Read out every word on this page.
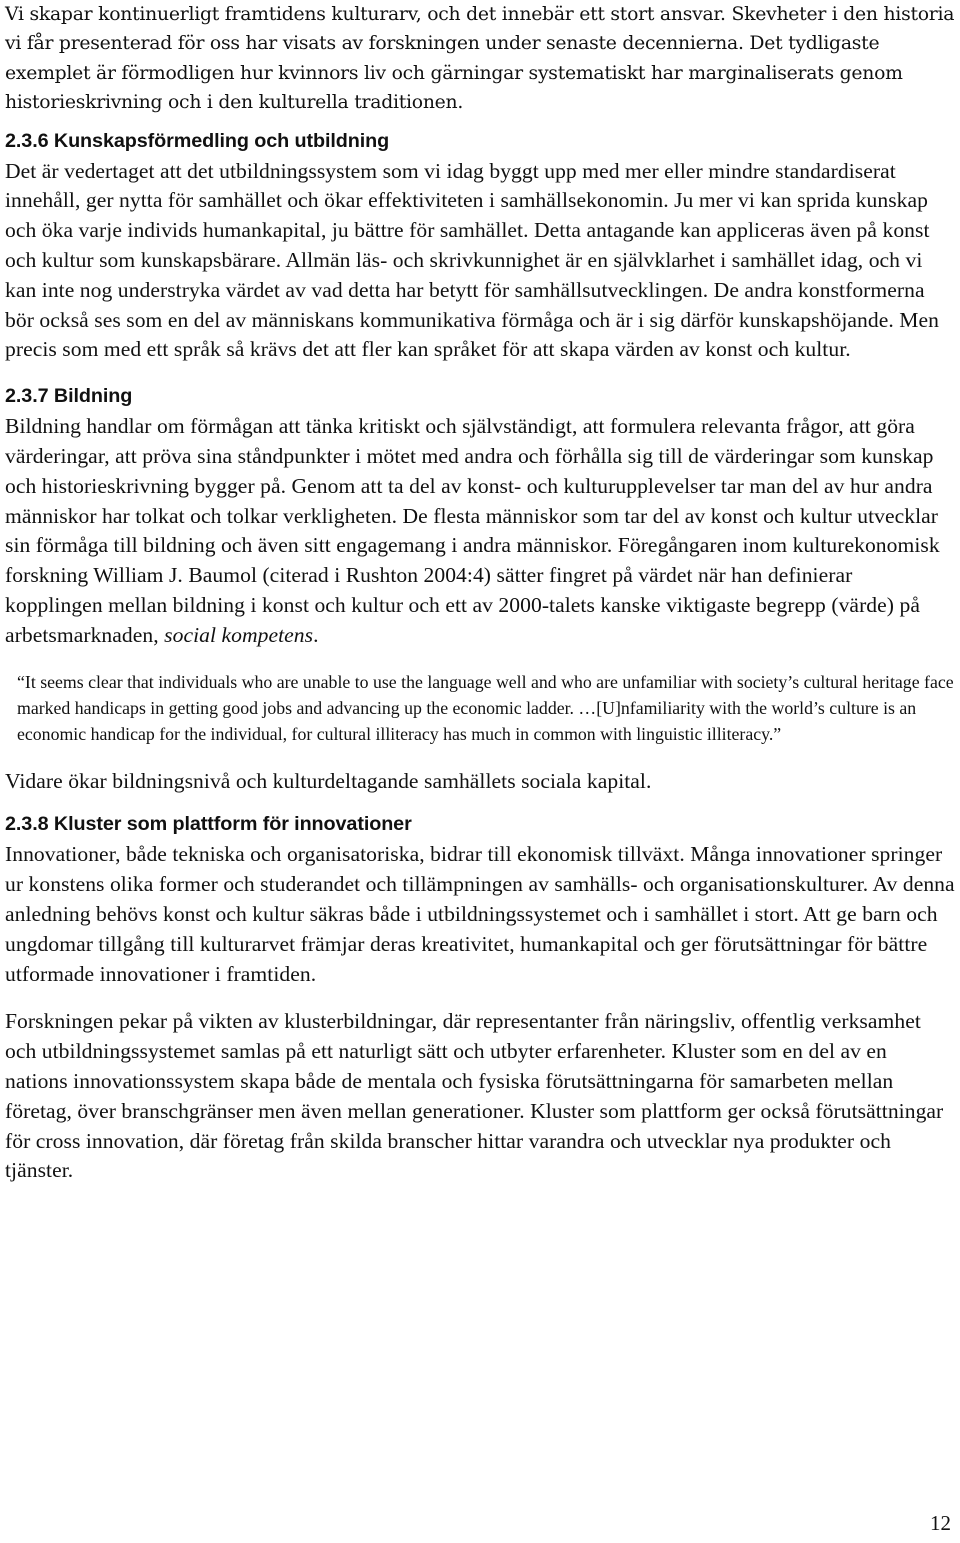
Vi skapar kontinuerligt framtidens kulturarv, och det innebär ett stort ansvar. Skevheter i den historia vi får presenterad för oss har visats av forskningen under senaste decennierna. Det tydligaste exemplet är förmodligen hur kvinnors liv och gärningar systematiskt har marginaliserats genom historieskrivning och i den kulturella traditionen.

2.3.6 Kunskapsförmedling och utbildning

Det är vedertaget att det utbildningssystem som vi idag byggt upp med mer eller mindre standardiserat innehåll, ger nytta för samhället och ökar effektiviteten i samhällsekonomin. Ju mer vi kan sprida kunskap och öka varje individs humankapital, ju bättre för samhället. Detta antagande kan appliceras även på konst och kultur som kunskapsbärare. Allmän läs- och skrivkunnighet är en självklarhet i samhället idag, och vi kan inte nog understryka värdet av vad detta har betytt för samhällsutvecklingen. De andra konstformerna bör också ses som en del av människans kommunikativa förmåga och är i sig därför kunskapshöjande. Men precis som med ett språk så krävs det att fler kan språket för att skapa värden av konst och kultur.

2.3.7 Bildning

Bildning handlar om förmågan att tänka kritiskt och självständigt, att formulera relevanta frågor, att göra värderingar, att pröva sina ståndpunkter i mötet med andra och förhålla sig till de värderingar som kunskap och historieskrivning bygger på. Genom att ta del av konst- och kulturupplevelser tar man del av hur andra människor har tolkat och tolkar verkligheten. De flesta människor som tar del av konst och kultur utvecklar sin förmåga till bildning och även sitt engagemang i andra människor. Föregångaren inom kulturekonomisk forskning William J. Baumol (citerad i Rushton 2004:4) sätter fingret på värdet när han definierar kopplingen mellan bildning i konst och kultur och ett av 2000-talets kanske viktigaste begrepp (värde) på arbetsmarknaden, social kompetens.

“It seems clear that individuals who are unable to use the language well and who are unfamiliar with society’s cultural heritage face marked handicaps in getting good jobs and advancing up the economic ladder. …[U]nfamiliarity with the world’s culture is an economic handicap for the individual, for cultural illiteracy has much in common with linguistic illiteracy.”

Vidare ökar bildningsnivå och kulturdeltagande samhällets sociala kapital.

2.3.8 Kluster som plattform för innovationer

Innovationer, både tekniska och organisatoriska, bidrar till ekonomisk tillväxt. Många innovationer springer ur konstens olika former och studerandet och tillämpningen av samhälls- och organisationskulturer. Av denna anledning behövs konst och kultur säkras både i utbildningssystemet och i samhället i stort. Att ge barn och ungdomar tillgång till kulturarvet främjar deras kreativitet, humankapital och ger förutsättningar för bättre utformade innovationer i framtiden.

Forskningen pekar på vikten av klusterbildningar, där representanter från näringsliv, offentlig verksamhet och utbildningssystemet samlas på ett naturligt sätt och utbyter erfarenheter. Kluster som en del av en nations innovationssystem skapa både de mentala och fysiska förutsättningarna för samarbeten mellan företag, över branschgränser men även mellan generationer. Kluster som plattform ger också förutsättningar för cross innovation, där företag från skilda branscher hittar varandra och utvecklar nya produkter och tjänster.

12
